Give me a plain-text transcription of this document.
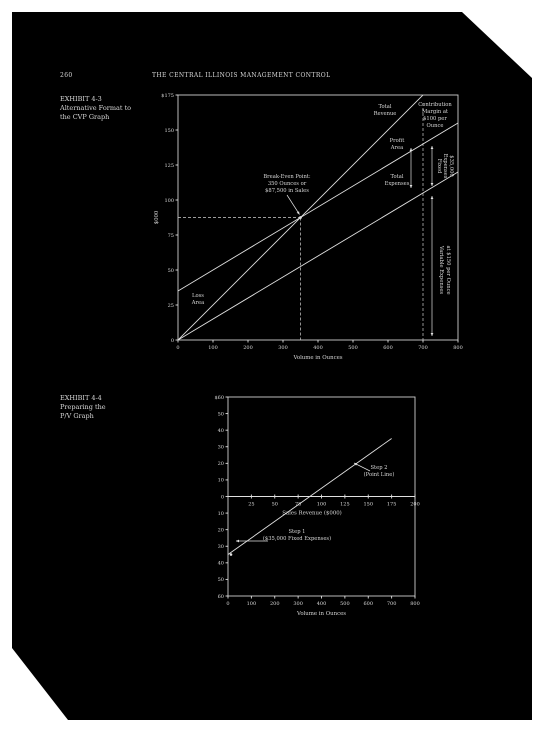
260	THE CENTRAL ILLINOIS MANAGEMENT CONTROL
EXHIBIT 4-3
Alternative Format to
the CVP Graph
0	100	200	300	400	500	600	700	800
0
25
50
75
100
125
150
$175
Volume in Ounces
$000
Total
Revenue
Contribution
Margin at
$100 per
Ounce
Profit
Area
Total
Expenses
Break-Even Point:
350 Ounces or
$87,500 in Sales
Loss
Area
Fixed Expenses $35,000
Variable Expenses at $150 per Ounce
EXHIBIT 4-4
Preparing the
P/V Graph
0	100	200	300	400	500	600	700	800
25	50	75	100	125	150	175	200
$60
50
40
30
20
10
0
10
20
30
40
50
60
Volume in Ounces
Sales Revenue ($000)
Step 2
(Point Line)
Step 1
($35,000 Fixed Expenses)
